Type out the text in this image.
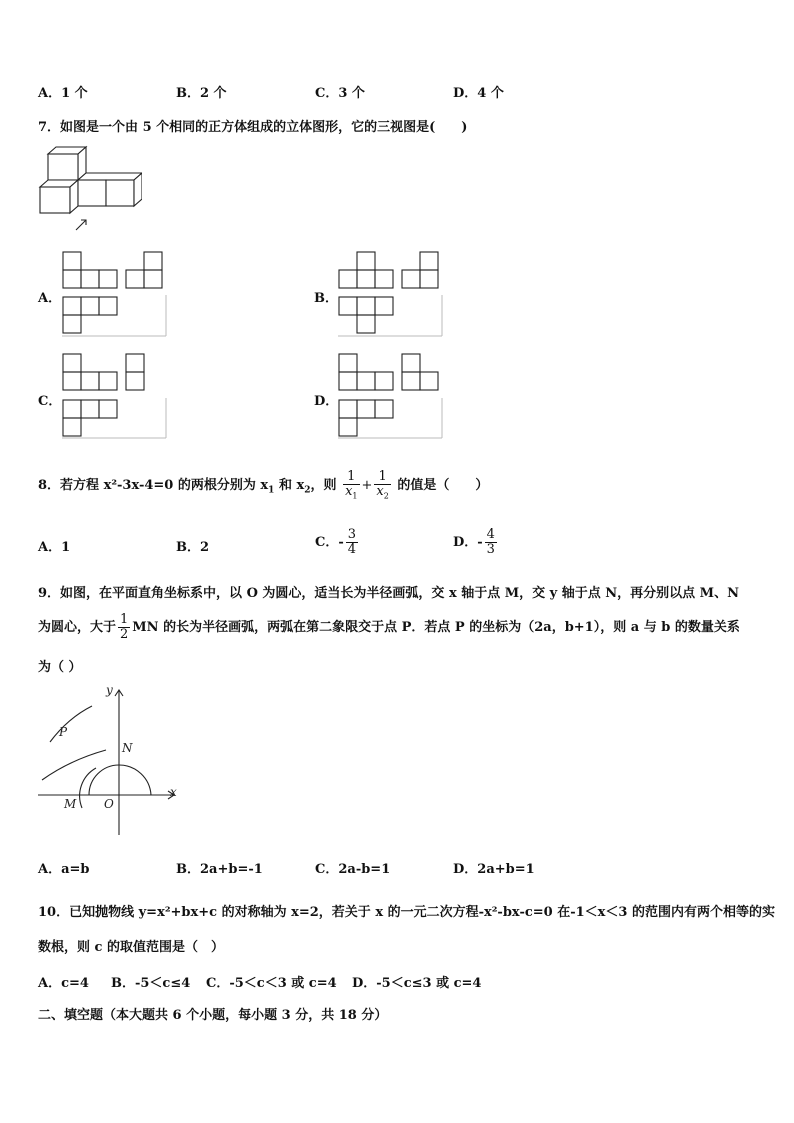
A．1 个	B．2 个	C．3 个	D．4 个
7．如图是一个由 5 个相同的正方体组成的立体图形，它的三视图是(　　)
A．	B．
C．	D．
8．若方程 x²-3x-4=0 的两根分别为 $x_1$ 和 $x_2$，则 $\frac{1}{x_1} + \frac{1}{x_2}$ 的值是（　　）
A．1	B．2	C．- $\frac{3}{4}$	D．- $\frac{4}{3}$
9．如图，在平面直角坐标系中，以 O 为圆心，适当长为半径画弧，交 x 轴于点 M，交 y 轴于点 N，再分别以点 M、N
为圆心，大于 $\frac{1}{2}$ MN 的长为半径画弧，两弧在第二象限交于点 P．若点 P 的坐标为（2a，b+1），则 a 与 b 的数量关系
为（ ）
y
x
P
N
M O
A．a=b	B．2a+b=-1	C．2a-b=1	D．2a+b=1
10．已知抛物线 y=x²+bx+c 的对称轴为 x=2，若关于 x 的一元二次方程-x²-bx-c=0 在-1＜x＜3 的范围内有两个相等的实
数根，则 c 的取值范围是（　）
A．c=4 B．-5＜c≤4 C．-5＜c＜3 或 c=4 D．-5＜c≤3 或 c=4
二、填空题（本大题共 6 个小题，每小题 3 分，共 18 分）
